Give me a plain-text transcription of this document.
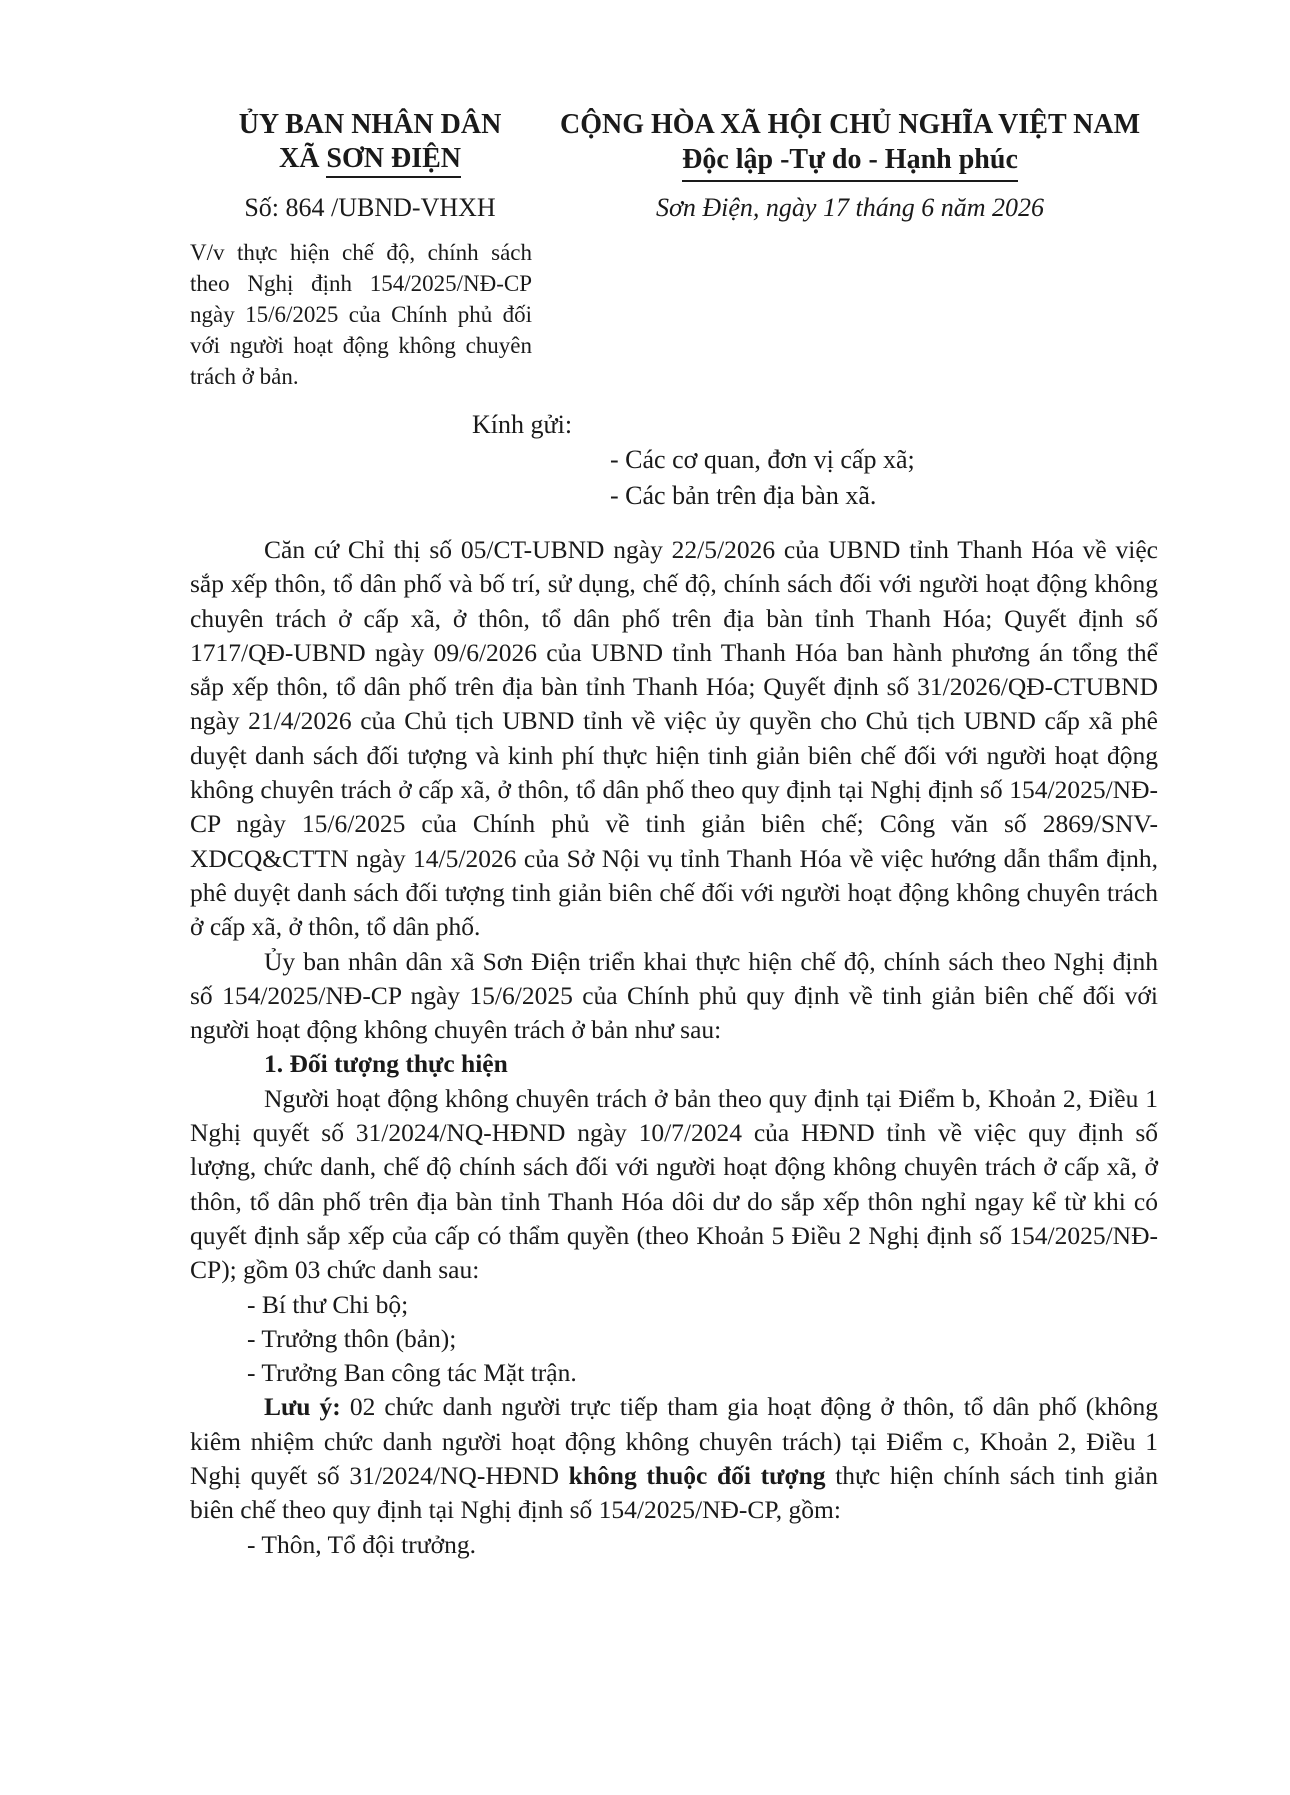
ỦY BAN NHÂN DÂN
XÃ SƠN ĐIỆN
CỘNG HÒA XÃ HỘI CHỦ NGHĨA VIỆT NAM
Độc lập -Tự do - Hạnh phúc
Số: 864 /UBND-VHXH	Sơn Điện, ngày 17 tháng 6 năm 2026
V/v thực hiện chế độ, chính sách theo Nghị định 154/2025/NĐ-CP ngày 15/6/2025 của Chính phủ đối với người hoạt động không chuyên trách ở bản.
Kính gửi:
- Các cơ quan, đơn vị cấp xã;
- Các bản trên địa bàn xã.

Căn cứ Chỉ thị số 05/CT-UBND ngày 22/5/2026 của UBND tỉnh Thanh Hóa về việc sắp xếp thôn, tổ dân phố và bố trí, sử dụng, chế độ, chính sách đối với người hoạt động không chuyên trách ở cấp xã, ở thôn, tổ dân phố trên địa bàn tỉnh Thanh Hóa; Quyết định số 1717/QĐ-UBND ngày 09/6/2026 của UBND tỉnh Thanh Hóa ban hành phương án tổng thể sắp xếp thôn, tổ dân phố trên địa bàn tỉnh Thanh Hóa; Quyết định số 31/2026/QĐ-CTUBND ngày 21/4/2026 của Chủ tịch UBND tỉnh về việc ủy quyền cho Chủ tịch UBND cấp xã phê duyệt danh sách đối tượng và kinh phí thực hiện tinh giản biên chế đối với người hoạt động không chuyên trách ở cấp xã, ở thôn, tổ dân phố theo quy định tại Nghị định số 154/2025/NĐ-CP ngày 15/6/2025 của Chính phủ về tinh giản biên chế; Công văn số 2869/SNV-XDCQ&CTTN ngày 14/5/2026 của Sở Nội vụ tỉnh Thanh Hóa về việc hướng dẫn thẩm định, phê duyệt danh sách đối tượng tinh giản biên chế đối với người hoạt động không chuyên trách ở cấp xã, ở thôn, tổ dân phố.

Ủy ban nhân dân xã Sơn Điện triển khai thực hiện chế độ, chính sách theo Nghị định số 154/2025/NĐ-CP ngày 15/6/2025 của Chính phủ quy định về tinh giản biên chế đối với người hoạt động không chuyên trách ở bản như sau:

1. Đối tượng thực hiện

Người hoạt động không chuyên trách ở bản theo quy định tại Điểm b, Khoản 2, Điều 1 Nghị quyết số 31/2024/NQ-HĐND ngày 10/7/2024 của HĐND tỉnh về việc quy định số lượng, chức danh, chế độ chính sách đối với người hoạt động không chuyên trách ở cấp xã, ở thôn, tổ dân phố trên địa bàn tỉnh Thanh Hóa dôi dư do sắp xếp thôn nghỉ ngay kể từ khi có quyết định sắp xếp của cấp có thẩm quyền (theo Khoản 5 Điều 2 Nghị định số 154/2025/NĐ-CP); gồm 03 chức danh sau:

- Bí thư Chi bộ;

- Trưởng thôn (bản);

- Trưởng Ban công tác Mặt trận.

Lưu ý: 02 chức danh người trực tiếp tham gia hoạt động ở thôn, tổ dân phố (không kiêm nhiệm chức danh người hoạt động không chuyên trách) tại Điểm c, Khoản 2, Điều 1 Nghị quyết số 31/2024/NQ-HĐND không thuộc đối tượng thực hiện chính sách tinh giản biên chế theo quy định tại Nghị định số 154/2025/NĐ-CP, gồm:

- Thôn, Tổ đội trưởng.
